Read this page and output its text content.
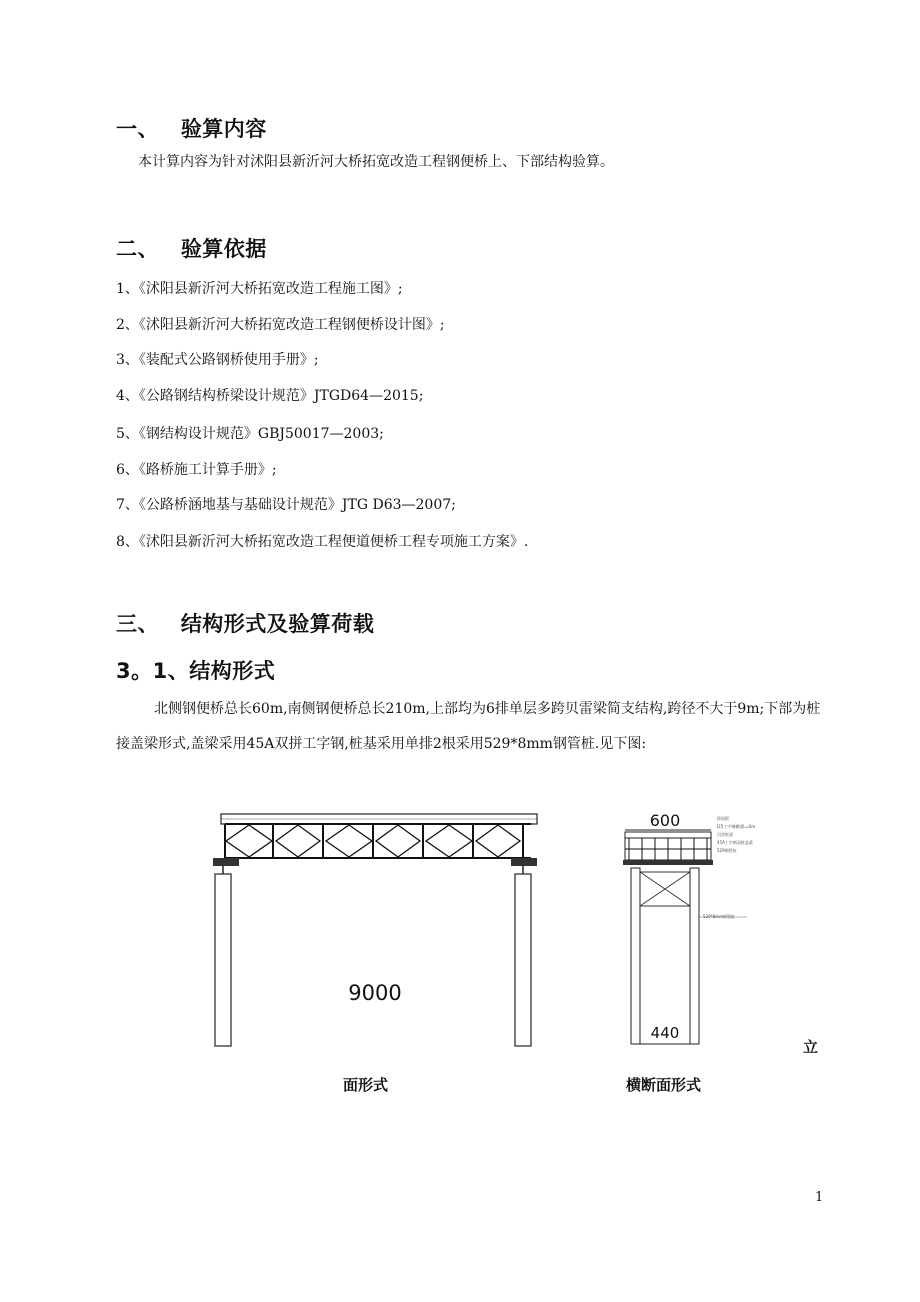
一、 验算内容
本计算内容为针对沭阳县新沂河大桥拓宽改造工程钢便桥上、下部结构验算。
二、 验算依据
1、《沭阳县新沂河大桥拓宽改造工程施工图》;
2、《沭阳县新沂河大桥拓宽改造工程钢便桥设计图》;
3、《装配式公路钢桥使用手册》;
4、《公路钢结构桥梁设计规范》JTGD64—2015;
5、《钢结构设计规范》GBJ50017—2003;
6、《路桥施工计算手册》;
7、《公路桥涵地基与基础设计规范》JTG D63—2007;
8、《沭阳县新沂河大桥拓宽改造工程便道便桥工程专项施工方案》.
三、 结构形式及验算荷载
3。1、结构形式
北侧钢便桥总长60m,南侧钢便桥总长210m,上部均为6排单层多跨贝雷梁简支结构,跨径不大于9m;下部为桩接盖梁形式,盖梁采用45A双拼工字钢,桩基采用单排2根采用529*8mm钢管桩.见下图:
9000
600	桥面板
I25工字钢横梁L=6m
贝雷纵梁
45A工字钢双拼盖梁
529钢管桩
529*8mm钢管桩
440
立
面形式	横断面形式
1
